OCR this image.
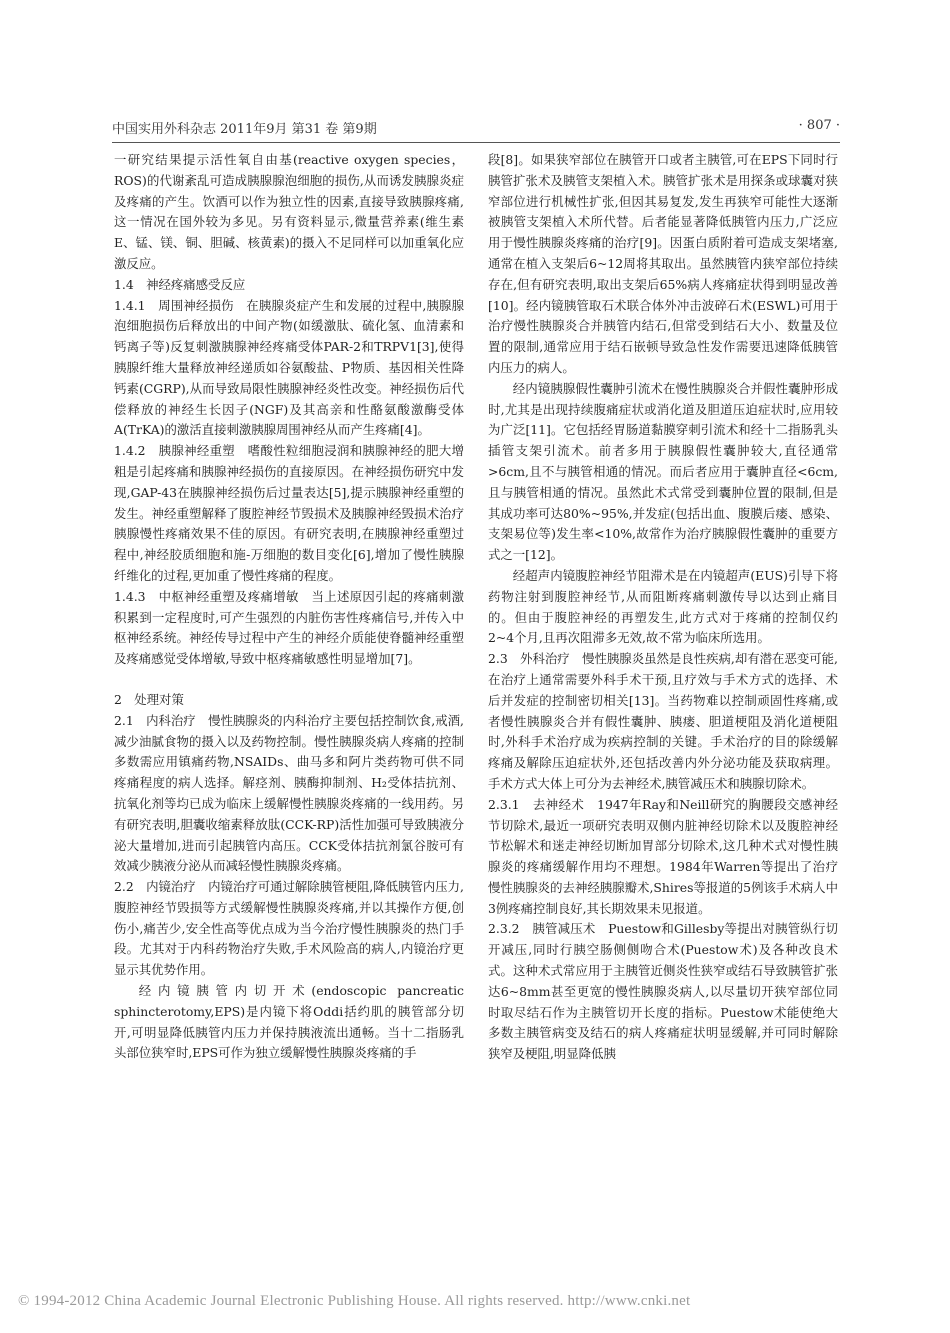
中国实用外科杂志 2011年9月 第31 卷 第9期	· 807 ·

一研究结果提示活性氧自由基(reactive oxygen species，ROS)的代谢紊乱可造成胰腺腺泡细胞的损伤,从而诱发胰腺炎症及疼痛的产生。饮酒可以作为独立性的因素,直接导致胰腺疼痛,这一情况在国外较为多见。另有资料显示,微量营养素(维生素E、锰、镁、铜、胆碱、核黄素)的摄入不足同样可以加重氧化应激反应。

1.4　神经疼痛感受反应

1.4.1　周围神经损伤　在胰腺炎症产生和发展的过程中,胰腺腺泡细胞损伤后释放出的中间产物(如缓激肽、硫化氢、血清素和钙离子等)反复刺激胰腺神经疼痛受体PAR-2和TRPV1[3],使得胰腺纤维大量释放神经递质如谷氨酸盐、P物质、基因相关性降钙素(CGRP),从而导致局限性胰腺神经炎性改变。神经损伤后代偿释放的神经生长因子(NGF)及其高亲和性酪氨酸激酶受体A(TrKA)的激活直接刺激胰腺周围神经从而产生疼痛[4]。

1.4.2　胰腺神经重塑　嗜酸性粒细胞浸润和胰腺神经的肥大增粗是引起疼痛和胰腺神经损伤的直接原因。在神经损伤研究中发现,GAP-43在胰腺神经损伤后过量表达[5],提示胰腺神经重塑的发生。神经重塑解释了腹腔神经节毁损术及胰腺神经毁损术治疗胰腺慢性疼痛效果不佳的原因。有研究表明,在胰腺神经重塑过程中,神经胶质细胞和施-万细胞的数目变化[6],增加了慢性胰腺纤维化的过程,更加重了慢性疼痛的程度。

1.4.3　中枢神经重塑及疼痛增敏　当上述原因引起的疼痛刺激积累到一定程度时,可产生强烈的内脏伤害性疼痛信号,并传入中枢神经系统。神经传导过程中产生的神经介质能使脊髓神经重塑及疼痛感觉受体增敏,导致中枢疼痛敏感性明显增加[7]。

2　处理对策

2.1　内科治疗　慢性胰腺炎的内科治疗主要包括控制饮食,戒酒,减少油腻食物的摄入以及药物控制。慢性胰腺炎病人疼痛的控制多数需应用镇痛药物,NSAIDs、曲马多和阿片类药物可供不同疼痛程度的病人选择。解痉剂、胰酶抑制剂、H₂受体拮抗剂、抗氧化剂等均已成为临床上缓解慢性胰腺炎疼痛的一线用药。另有研究表明,胆囊收缩素释放肽(CCK-RP)活性加强可导致胰液分泌大量增加,进而引起胰管内高压。CCK受体拮抗剂氯谷胺可有效减少胰液分泌从而减轻慢性胰腺炎疼痛。

2.2　内镜治疗　内镜治疗可通过解除胰管梗阻,降低胰管内压力,腹腔神经节毁损等方式缓解慢性胰腺炎疼痛,并以其操作方便,创伤小,痛苦少,安全性高等优点成为当今治疗慢性胰腺炎的热门手段。尤其对于内科药物治疗失败,手术风险高的病人,内镜治疗更显示其优势作用。

经内镜胰管内切开术(endoscopic pancreatic sphincterotomy,EPS)是内镜下将Oddi括约肌的胰管部分切开,可明显降低胰管内压力并保持胰液流出通畅。当十二指肠乳头部位狭窄时,EPS可作为独立缓解慢性胰腺炎疼痛的手

段[8]。如果狭窄部位在胰管开口或者主胰管,可在EPS下同时行胰管扩张术及胰管支架植入术。胰管扩张术是用探条或球囊对狭窄部位进行机械性扩张,但因其易复发,发生再狭窄可能性大逐渐被胰管支架植入术所代替。后者能显著降低胰管内压力,广泛应用于慢性胰腺炎疼痛的治疗[9]。因蛋白质附着可造成支架堵塞,通常在植入支架后6~12周将其取出。虽然胰管内狭窄部位持续存在,但有研究表明,取出支架后65%病人疼痛症状得到明显改善[10]。经内镜胰管取石术联合体外冲击波碎石术(ESWL)可用于治疗慢性胰腺炎合并胰管内结石,但常受到结石大小、数量及位置的限制,通常应用于结石嵌顿导致急性发作需要迅速降低胰管内压力的病人。

经内镜胰腺假性囊肿引流术在慢性胰腺炎合并假性囊肿形成时,尤其是出现持续腹痛症状或消化道及胆道压迫症状时,应用较为广泛[11]。它包括经胃肠道黏膜穿刺引流术和经十二指肠乳头插管支架引流术。前者多用于胰腺假性囊肿较大,直径通常>6cm,且不与胰管相通的情况。而后者应用于囊肿直径<6cm,且与胰管相通的情况。虽然此术式常受到囊肿位置的限制,但是其成功率可达80%~95%,并发症(包括出血、腹膜后瘘、感染、支架易位等)发生率<10%,故常作为治疗胰腺假性囊肿的重要方式之一[12]。

经超声内镜腹腔神经节阻滞术是在内镜超声(EUS)引导下将药物注射到腹腔神经节,从而阻断疼痛刺激传导以达到止痛目的。但由于腹腔神经的再塑发生,此方式对于疼痛的控制仅约2~4个月,且再次阻滞多无效,故不常为临床所选用。

2.3　外科治疗　慢性胰腺炎虽然是良性疾病,却有潜在恶变可能,在治疗上通常需要外科手术干预,且疗效与手术方式的选择、术后并发症的控制密切相关[13]。当药物难以控制顽固性疼痛,或者慢性胰腺炎合并有假性囊肿、胰瘘、胆道梗阻及消化道梗阻时,外科手术治疗成为疾病控制的关键。手术治疗的目的除缓解疼痛及解除压迫症状外,还包括改善内外分泌功能及获取病理。手术方式大体上可分为去神经术,胰管减压术和胰腺切除术。

2.3.1　去神经术　1947年Ray和Neill研究的胸腰段交感神经节切除术,最近一项研究表明双侧内脏神经切除术以及腹腔神经节松解术和迷走神经切断加胃部分切除术,这几种术式对慢性胰腺炎的疼痛缓解作用均不理想。1984年Warren等提出了治疗慢性胰腺炎的去神经胰腺瓣术,Shires等报道的5例该手术病人中3例疼痛控制良好,其长期效果未见报道。

2.3.2　胰管减压术　Puestow和Gillesby等提出对胰管纵行切开减压,同时行胰空肠侧侧吻合术(Puestow术)及各种改良术式。这种术式常应用于主胰管近侧炎性狭窄或结石导致胰管扩张达6~8mm甚至更宽的慢性胰腺炎病人,以尽量切开狭窄部位同时取尽结石作为主胰管切开长度的指标。Puestow术能使绝大多数主胰管病变及结石的病人疼痛症状明显缓解,并可同时解除狭窄及梗阻,明显降低胰

© 1994-2012 China Academic Journal Electronic Publishing House. All rights reserved. http://www.cnki.net
